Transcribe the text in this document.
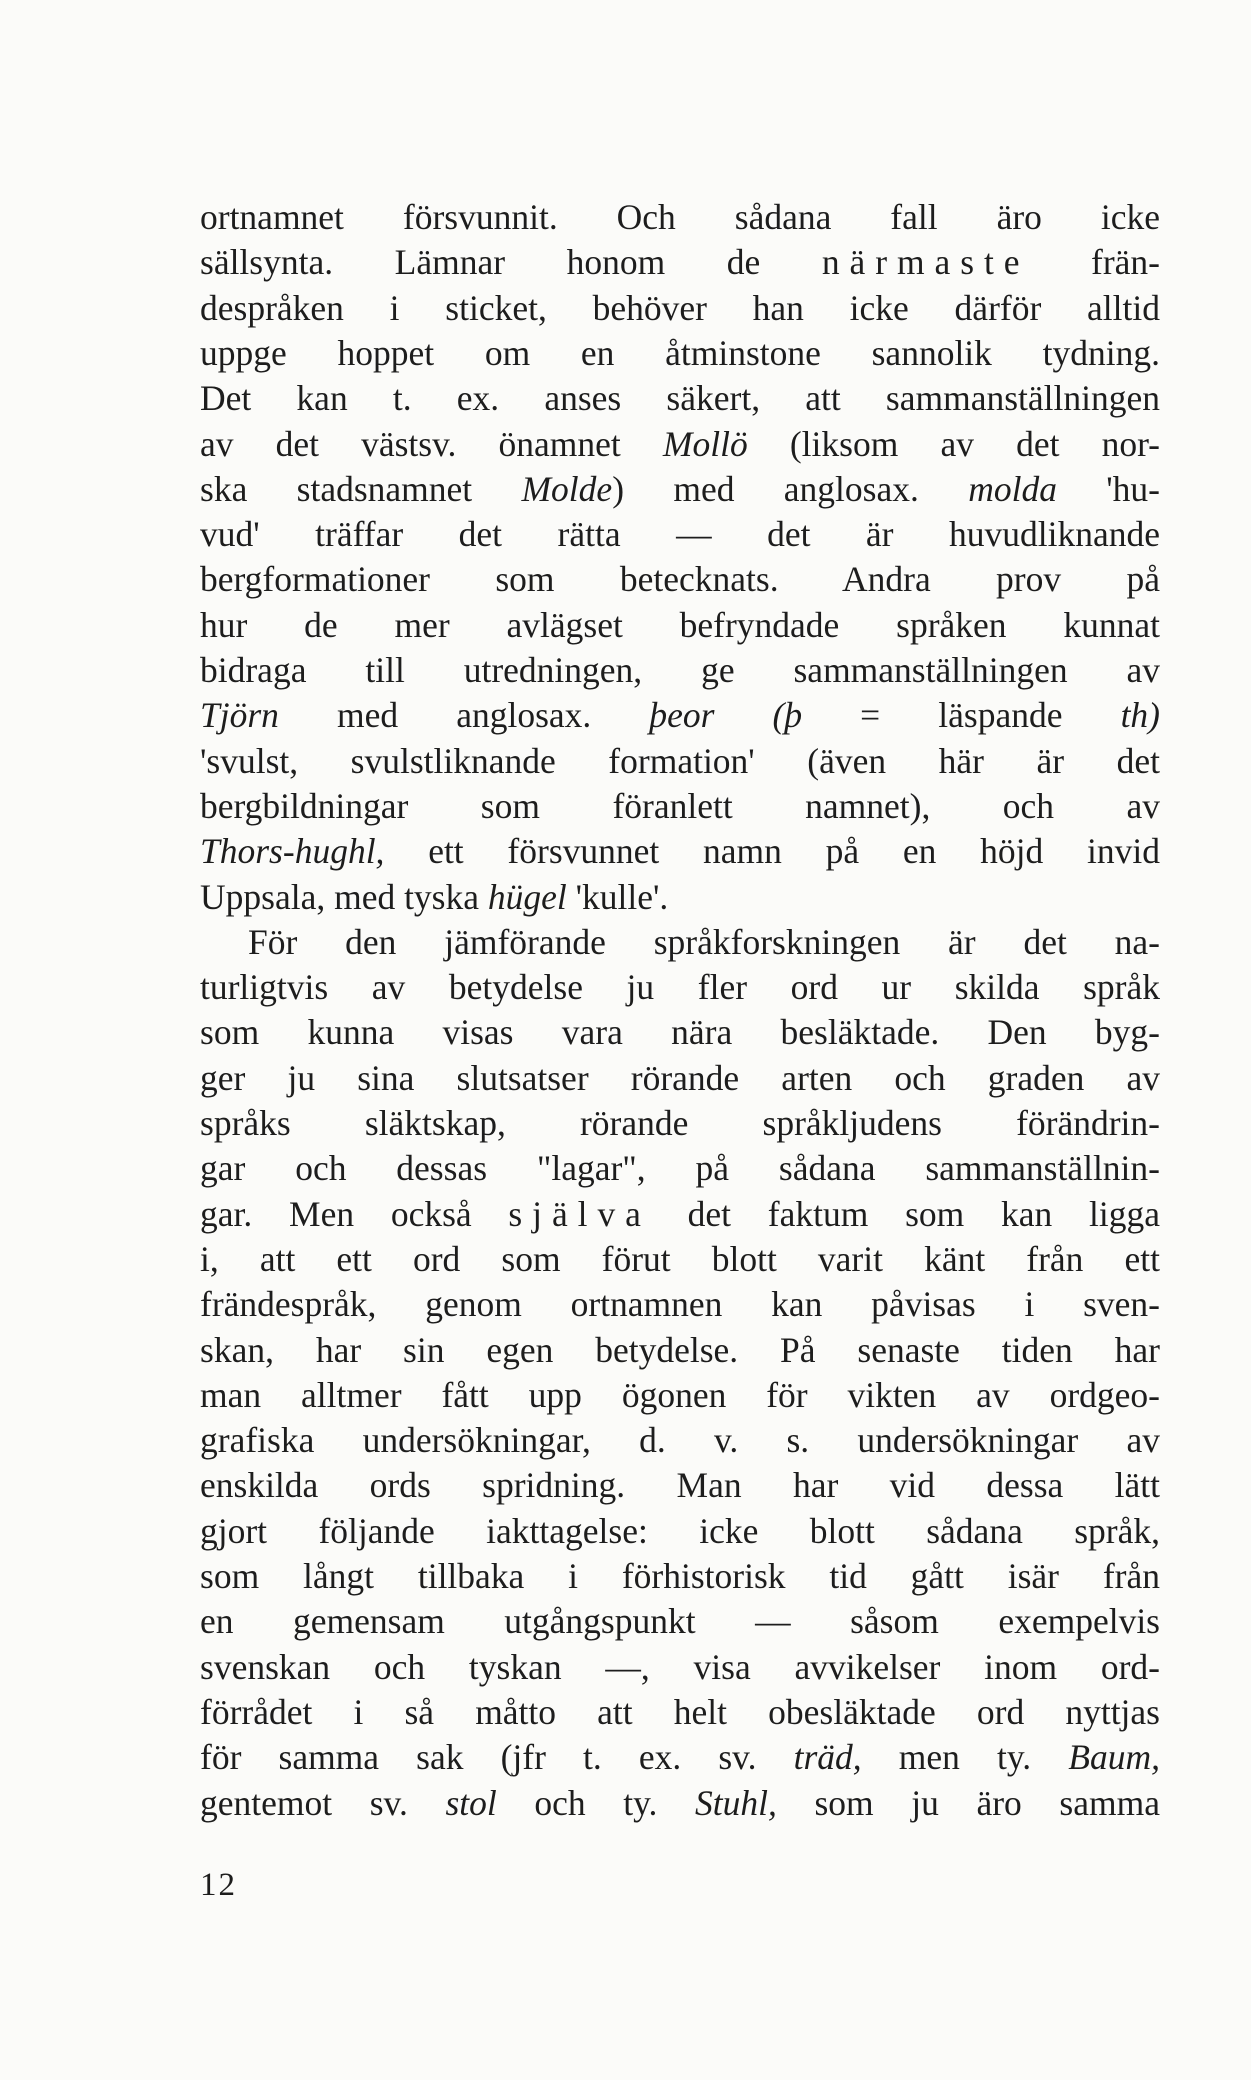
ortnamnet försvunnit. Och sådana fall äro icke
sällsynta. Lämnar honom de närmaste frän-
despråken i sticket, behöver han icke därför alltid
uppge hoppet om en åtminstone sannolik tydning.
Det kan t. ex. anses säkert, att sammanställningen
av det västsv. önamnet Mollö (liksom av det nor-
ska stadsnamnet Molde) med anglosax. molda 'hu-
vud' träffar det rätta — det är huvudliknande
bergformationer som betecknats. Andra prov på
hur de mer avlägset befryndade språken kunnat
bidraga till utredningen, ge sammanställningen av
Tjörn med anglosax. þeor (þ = läspande th)
'svulst, svulstliknande formation' (även här är det
bergbildningar som föranlett namnet), och av
Thors-hughl, ett försvunnet namn på en höjd invid
Uppsala, med tyska hügel 'kulle'.
För den jämförande språkforskningen är det na-
turligtvis av betydelse ju fler ord ur skilda språk
som kunna visas vara nära besläktade. Den byg-
ger ju sina slutsatser rörande arten och graden av
språks släktskap, rörande språkljudens förändrin-
gar och dessas "lagar", på sådana sammanställnin-
gar. Men också själva det faktum som kan ligga
i, att ett ord som förut blott varit känt från ett
frändespråk, genom ortnamnen kan påvisas i sven-
skan, har sin egen betydelse. På senaste tiden har
man alltmer fått upp ögonen för vikten av ordgeo-
grafiska undersökningar, d. v. s. undersökningar av
enskilda ords spridning. Man har vid dessa lätt
gjort följande iakttagelse: icke blott sådana språk,
som långt tillbaka i förhistorisk tid gått isär från
en gemensam utgångspunkt — såsom exempelvis
svenskan och tyskan —, visa avvikelser inom ord-
förrådet i så måtto att helt obesläktade ord nyttjas
för samma sak (jfr t. ex. sv. träd, men ty. Baum,
gentemot sv. stol och ty. Stuhl, som ju äro samma
12
